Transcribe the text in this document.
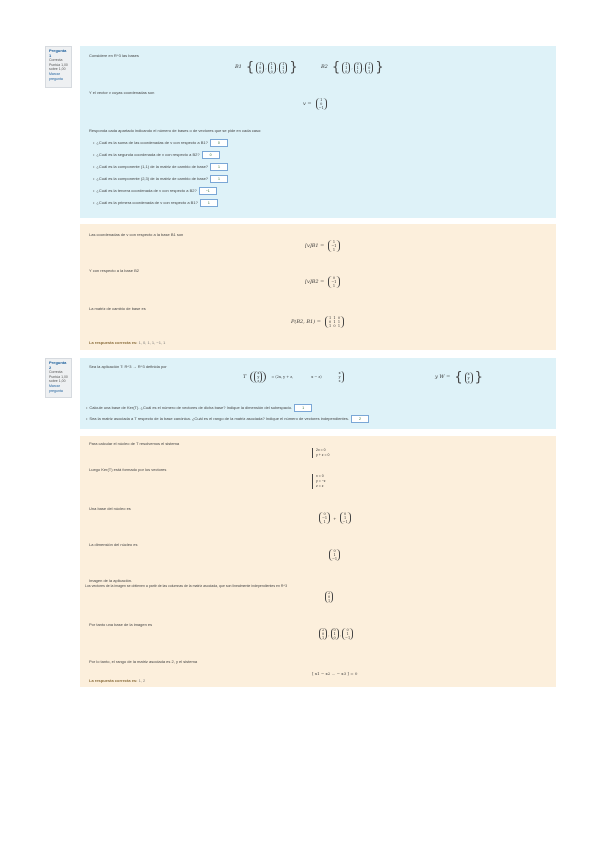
Pregunta 1
Correcta
Puntúa 1,00 sobre 1,00
Marcar pregunta
Considere en R^3 las bases
B1 {	1
0
0
,
1
1
0
,
1
1
1 }	B2 {	1
1
0
,
0
1
1
,
1
0
1 }
Y el vector v cuyas coordenadas son
v =
1
0
−1
Responda cada apartado indicando el número de bases o de vectores que se pide en cada caso:
• ¿Cuál es la suma de las coordenadas de v con respecto a B1?	0
• ¿Cuál es la segunda coordenada de v con respecto a B2?	0
• ¿Cuál es la componente (1,1) de la matriz de cambio de base?	1
• ¿Cuál es la componente (2,3) de la matriz de cambio de base?	1
• ¿Cuál es la tercera coordenada de v con respecto a B2?	−1
• ¿Cuál es la primera coordenada de v con respecto a B1?	1
Las coordenadas de v con respecto a la base B1 son
[v]B1 =
1
−1
1
Y con respecto a la base B2
[v]B2 =
0
−1
1
La matriz de cambio de base es
P(B2, B1) =
1 1 0
0 1 1
1 0 1
La respuesta correcta es: 1, 0, 1, 1, −1, 1
Pregunta 2
Correcta
Puntúa 1,00 sobre 1,00
Marcar pregunta
Sea la aplicación T: R^3 → R^3 definida por
T
x
y
z
= (2x, y + z,	x − z)
x
y
z
y W = {	x
y
z }
• Calcule una base de Ker(T). ¿Cuál es el número de vectores de dicha base? Indique la dimensión del subespacio.	1
• Sea la matriz asociada a T respecto de la base canónica. ¿Cuál es el rango de la matriz asociada? Indique el número de vectores independientes.	2
Para calcular el núcleo de T resolvemos el sistema
2x = 0
y + z = 0
Luego Ker(T) está formado por los vectores
x = 0
y = −z
z = z
Una base del núcleo es
0
−1
1
+
0
1
−1
La dimensión del núcleo es
0
1
−1
Imagen de la aplicación.
Los vectores de la imagen se obtienen a partir de las columnas de la matriz asociada, que son linealmente independientes en R^3
2
0
1
Por tanto una base de la imagen es
2
0
1
,
0
1
0
,
0
1
−1
Por lo tanto, el rango de la matriz asociada es 2, y el sistema
[ x1 − x2 ... − x3 ] = 0
La respuesta correcta es: 1, 2
